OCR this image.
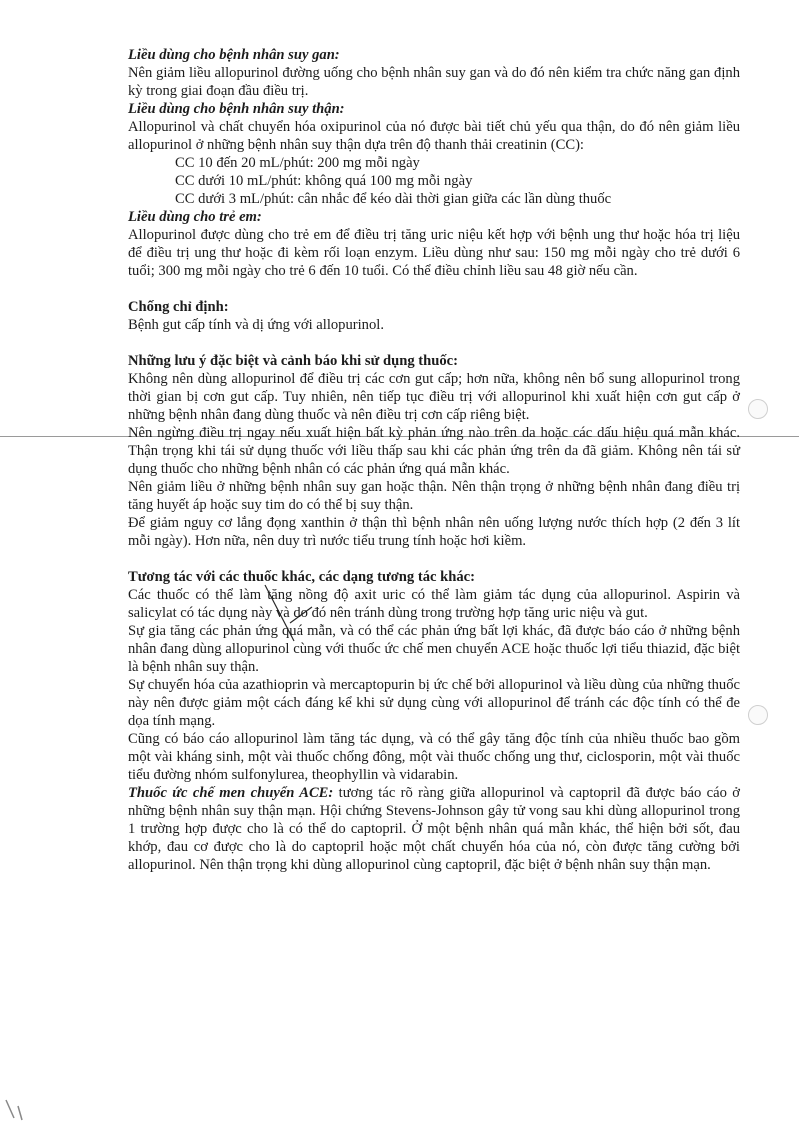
Liều dùng cho bệnh nhân suy gan:

Nên giảm liều allopurinol đường uống cho bệnh nhân suy gan và do đó nên kiểm tra chức năng gan định kỳ trong giai đoạn đầu điều trị.

Liều dùng cho bệnh nhân suy thận:

Allopurinol và chất chuyển hóa oxipurinol của nó được bài tiết chủ yếu qua thận, do đó nên giảm liều allopurinol ở những bệnh nhân suy thận dựa trên độ thanh thải creatinin (CC):

CC 10 đến 20 mL/phút: 200 mg mỗi ngày

CC dưới 10 mL/phút: không quá 100 mg mỗi ngày

CC dưới 3 mL/phút: cân nhắc để kéo dài thời gian giữa các lần dùng thuốc

Liều dùng cho trẻ em:

Allopurinol được dùng cho trẻ em để điều trị tăng uric niệu kết hợp với bệnh ung thư hoặc hóa trị liệu để điều trị ung thư hoặc đi kèm rối loạn enzym. Liều dùng như sau: 150 mg mỗi ngày cho trẻ dưới 6 tuổi; 300 mg mỗi ngày cho trẻ 6 đến 10 tuổi. Có thể điều chỉnh liều sau 48 giờ nếu cần.

Chống chỉ định:

Bệnh gut cấp tính và dị ứng với allopurinol.

Những lưu ý đặc biệt và cảnh báo khi sử dụng thuốc:

Không nên dùng allopurinol để điều trị các cơn gut cấp; hơn nữa, không nên bổ sung allopurinol trong thời gian bị cơn gut cấp. Tuy nhiên, nên tiếp tục điều trị với allopurinol khi xuất hiện cơn gut cấp ở những bệnh nhân đang dùng thuốc và nên điều trị cơn cấp riêng biệt.

Nên ngừng điều trị ngay nếu xuất hiện bất kỳ phản ứng nào trên da hoặc các dấu hiệu quá mẫn khác. Thận trọng khi tái sử dụng thuốc với liều thấp sau khi các phản ứng trên da đã giảm. Không nên tái sử dụng thuốc cho những bệnh nhân có các phản ứng quá mẫn khác.

Nên giảm liều ở những bệnh nhân suy gan hoặc thận. Nên thận trọng ở những bệnh nhân đang điều trị tăng huyết áp hoặc suy tim do có thể bị suy thận.

Để giảm nguy cơ lắng đọng xanthin ở thận thì bệnh nhân nên uống lượng nước thích hợp (2 đến 3 lít mỗi ngày). Hơn nữa, nên duy trì nước tiểu trung tính hoặc hơi kiềm.

Tương tác với các thuốc khác, các dạng tương tác khác:

Các thuốc có thể làm tăng nồng độ axit uric có thể làm giảm tác dụng của allopurinol. Aspirin và salicylat có tác dụng này và do đó nên tránh dùng trong trường hợp tăng uric niệu và gut.

Sự gia tăng các phản ứng quá mẫn, và có thể các phản ứng bất lợi khác, đã được báo cáo ở những bệnh nhân đang dùng allopurinol cùng với thuốc ức chế men chuyển ACE hoặc thuốc lợi tiểu thiazid, đặc biệt là bệnh nhân suy thận.

Sự chuyển hóa của azathioprin và mercaptopurin bị ức chế bởi allopurinol và liều dùng của những thuốc này nên được giảm một cách đáng kể khi sử dụng cùng với allopurinol để tránh các độc tính có thể đe dọa tính mạng.

Cũng có báo cáo allopurinol làm tăng tác dụng, và có thể gây tăng độc tính của nhiều thuốc bao gồm một vài kháng sinh, một vài thuốc chống đông, một vài thuốc chống ung thư, ciclosporin, một vài thuốc tiểu đường nhóm sulfonylurea, theophyllin và vidarabin.

Thuốc ức chế men chuyển ACE: tương tác rõ ràng giữa allopurinol và captopril đã được báo cáo ở những bệnh nhân suy thận mạn. Hội chứng Stevens-Johnson gây tử vong sau khi dùng allopurinol trong 1 trường hợp được cho là có thể do captopril. Ở một bệnh nhân quá mẫn khác, thể hiện bởi sốt, đau khớp, đau cơ được cho là do captopril hoặc một chất chuyển hóa của nó, còn được tăng cường bởi allopurinol. Nên thận trọng khi dùng allopurinol cùng captopril, đặc biệt ở bệnh nhân suy thận mạn.
